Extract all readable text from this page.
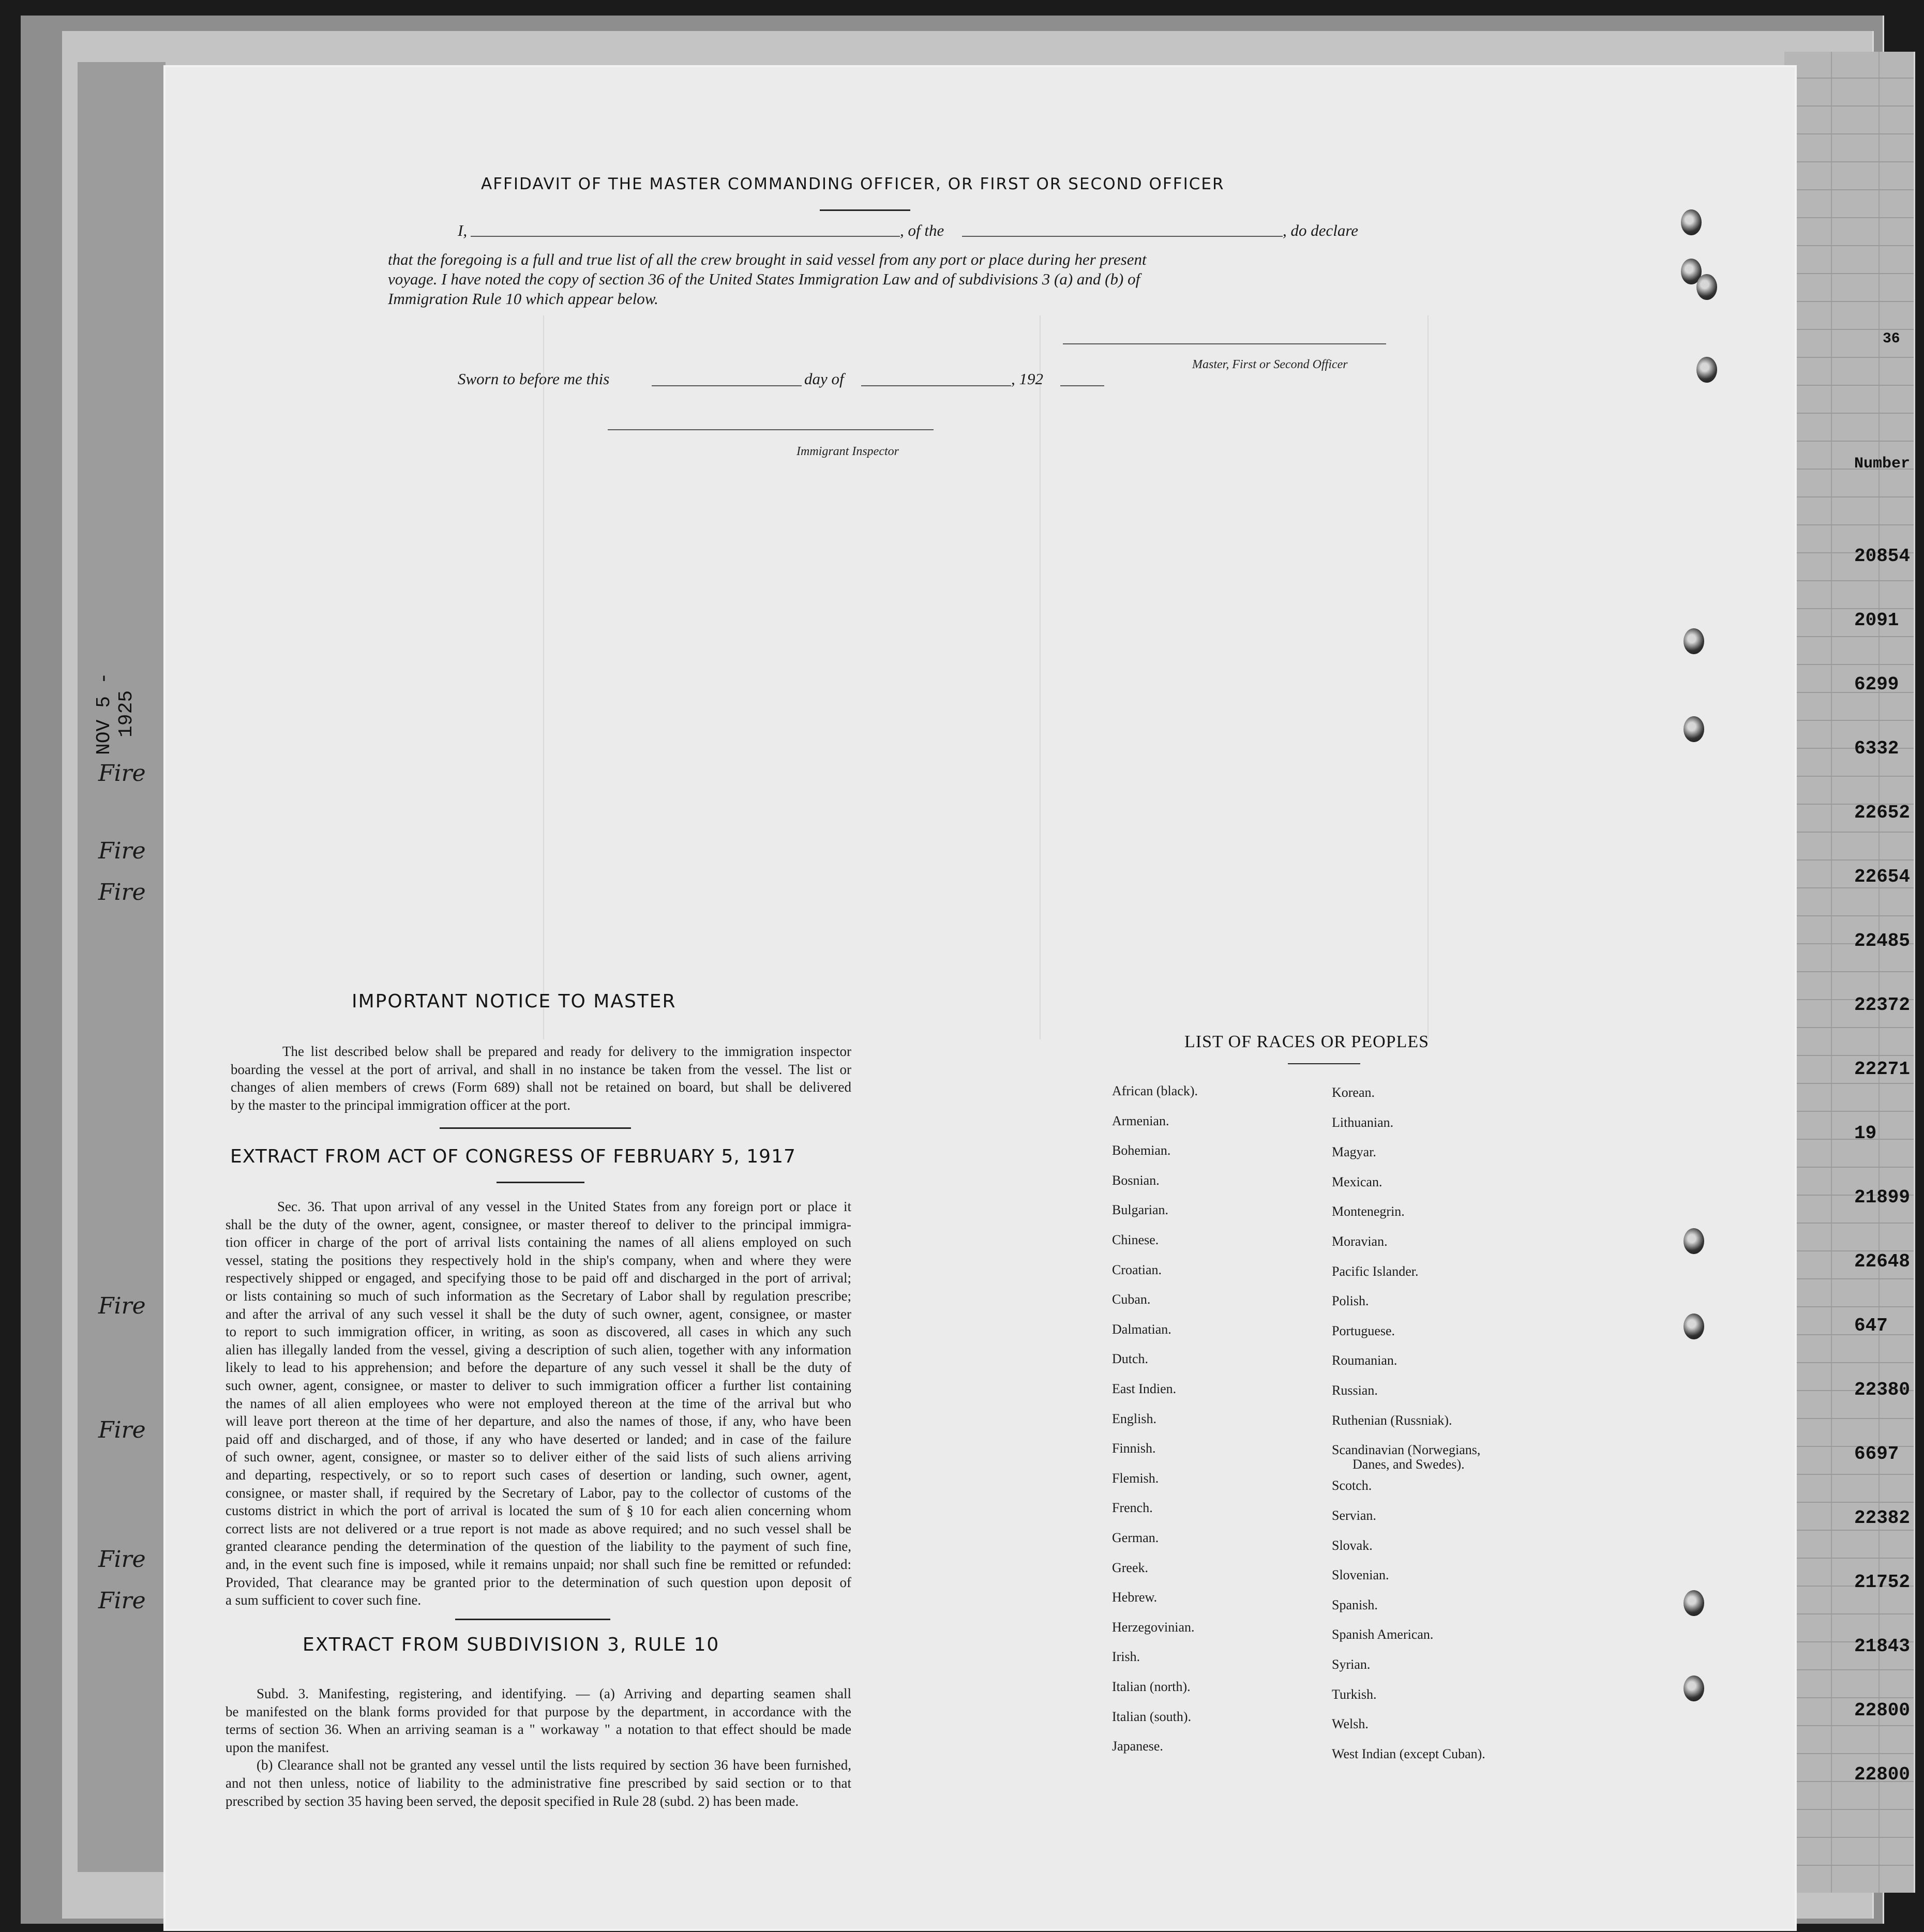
NOV 5 - 1925
Fire
Fire
Fire
Fire
Fire
Fire
Fire
Number
36
20854
2091
6299
6332
22652
22654
22485
22372
22271
19
21899
22648
647
22380
6697
22382
21752
21843
22800
22800
AFFIDAVIT OF THE MASTER COMMANDING OFFICER, OR FIRST OR SECOND OFFICER
I,	, of the	, do declare
that the foregoing is a full and true list of all the crew brought in said vessel from any port or place during her present
voyage. I have noted the copy of section 36 of the United States Immigration Law and of subdivisions 3 (a) and (b) of
Immigration Rule 10 which appear below.
Master, First or Second Officer
Sworn to before me this	day of	, 192
Immigrant Inspector
IMPORTANT NOTICE TO MASTER
The list described below shall be prepared and ready for delivery to the immigration inspector
boarding the vessel at the port of arrival, and shall in no instance be taken from the vessel. The list or
changes of alien members of crews (Form 689) shall not be retained on board, but shall be delivered
by the master to the principal immigration officer at the port.
EXTRACT FROM ACT OF CONGRESS OF FEBRUARY 5, 1917
Sec. 36. That upon arrival of any vessel in the United States from any foreign port or place it
shall be the duty of the owner, agent, consignee, or master thereof to deliver to the principal immigra-
tion officer in charge of the port of arrival lists containing the names of all aliens employed on such
vessel, stating the positions they respectively hold in the ship's company, when and where they were
respectively shipped or engaged, and specifying those to be paid off and discharged in the port of arrival;
or lists containing so much of such information as the Secretary of Labor shall by regulation prescribe;
and after the arrival of any such vessel it shall be the duty of such owner, agent, consignee, or master
to report to such immigration officer, in writing, as soon as discovered, all cases in which any such
alien has illegally landed from the vessel, giving a description of such alien, together with any information
likely to lead to his apprehension; and before the departure of any such vessel it shall be the duty of
such owner, agent, consignee, or master to deliver to such immigration officer a further list containing
the names of all alien employees who were not employed thereon at the time of the arrival but who
will leave port thereon at the time of her departure, and also the names of those, if any, who have been
paid off and discharged, and of those, if any who have deserted or landed; and in case of the failure
of such owner, agent, consignee, or master so to deliver either of the said lists of such aliens arriving
and departing, respectively, or so to report such cases of desertion or landing, such owner, agent,
consignee, or master shall, if required by the Secretary of Labor, pay to the collector of customs of the
customs district in which the port of arrival is located the sum of § 10 for each alien concerning whom
correct lists are not delivered or a true report is not made as above required; and no such vessel shall be
granted clearance pending the determination of the question of the liability to the payment of such fine,
and, in the event such fine is imposed, while it remains unpaid; nor shall such fine be remitted or refunded:
Provided, That clearance may be granted prior to the determination of such question upon deposit of
a sum sufficient to cover such fine.
EXTRACT FROM SUBDIVISION 3, RULE 10
Subd. 3. Manifesting, registering, and identifying. — (a) Arriving and departing seamen shall
be manifested on the blank forms provided for that purpose by the department, in accordance with the
terms of section 36. When an arriving seaman is a " workaway " a notation to that effect should be made
upon the manifest.
(b) Clearance shall not be granted any vessel until the lists required by section 36 have been furnished,
and not then unless, notice of liability to the administrative fine prescribed by said section or to that
prescribed by section 35 having been served, the deposit specified in Rule 28 (subd. 2) has been made.
LIST OF RACES OR PEOPLES
African (black).
Armenian.
Bohemian.
Bosnian.
Bulgarian.
Chinese.
Croatian.
Cuban.
Dalmatian.
Dutch.
East Indien.
English.
Finnish.
Flemish.
French.
German.
Greek.
Hebrew.
Herzegovinian.
Irish.
Italian (north).
Italian (south).
Japanese.
Korean.
Lithuanian.
Magyar.
Mexican.
Montenegrin.
Moravian.
Pacific Islander.
Polish.
Portuguese.
Roumanian.
Russian.
Ruthenian (Russniak).
Scandinavian (Norwegians,
Danes, and Swedes).
Scotch.
Servian.
Slovak.
Slovenian.
Spanish.
Spanish American.
Syrian.
Turkish.
Welsh.
West Indian (except Cuban).
